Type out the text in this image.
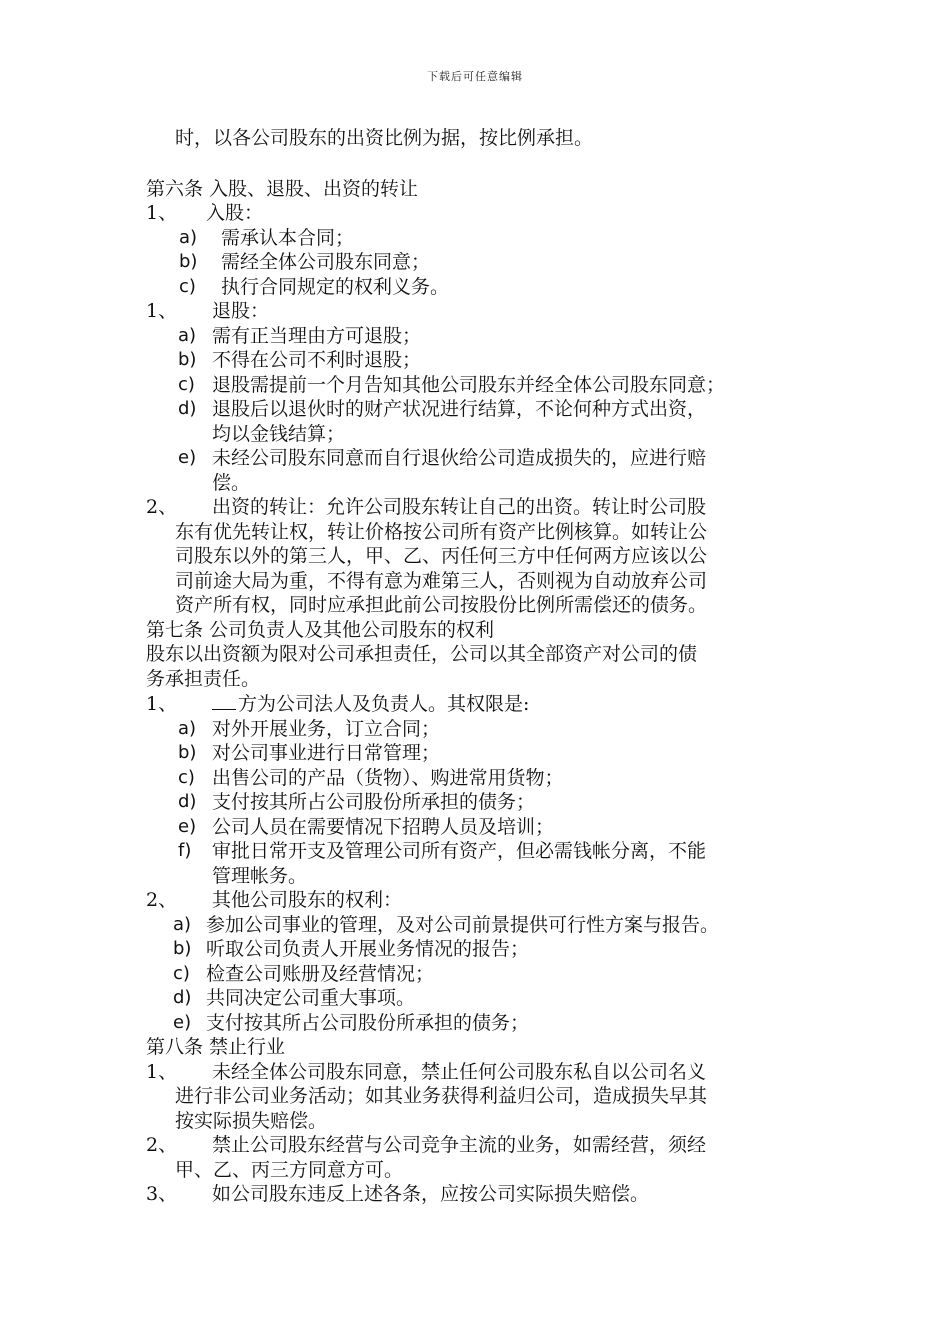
下载后可任意编辑
时，以各公司股东的出资比例为据，按比例承担。
第六条 入股、退股、出资的转让
1、 入股：
a) 需承认本合同；
b) 需经全体公司股东同意；
c) 执行合同规定的权利义务。
1、 退股：
a) 需有正当理由方可退股；
b) 不得在公司不利时退股；
c) 退股需提前一个月告知其他公司股东并经全体公司股东同意；
d) 退股后以退伙时的财产状况进行结算，不论何种方式出资，
均以金钱结算；
e) 未经公司股东同意而自行退伙给公司造成损失的，应进行赔
偿。
2、 出资的转让：允许公司股东转让自己的出资。转让时公司股
东有优先转让权，转让价格按公司所有资产比例核算。如转让公
司股东以外的第三人，甲、乙、丙任何三方中任何两方应该以公
司前途大局为重，不得有意为难第三人，否则视为自动放弃公司
资产所有权，同时应承担此前公司按股份比例所需偿还的债务。
第七条 公司负责人及其他公司股东的权利
股东以出资额为限对公司承担责任，公司以其全部资产对公司的债
务承担责任。
1、	方为公司法人及负责人。其权限是:
a) 对外开展业务，订立合同；
b) 对公司事业进行日常管理；
c) 出售公司的产品（货物）、购进常用货物；
d) 支付按其所占公司股份所承担的债务；
e) 公司人员在需要情况下招聘人员及培训；
f)	审批日常开支及管理公司所有资产，但必需钱帐分离，不能
管理帐务。
2、 其他公司股东的权利：
a) 参加公司事业的管理，及对公司前景提供可行性方案与报告。
b) 听取公司负责人开展业务情况的报告；
c) 检查公司账册及经营情况；
d) 共同决定公司重大事项。
e) 支付按其所占公司股份所承担的债务；
第八条 禁止行业
1、 未经全体公司股东同意，禁止任何公司股东私自以公司名义
进行非公司业务活动；如其业务获得利益归公司，造成损失早其
按实际损失赔偿。
2、 禁止公司股东经营与公司竞争主流的业务，如需经营，须经
甲、乙、丙三方同意方可。
3、 如公司股东违反上述各条，应按公司实际损失赔偿。
